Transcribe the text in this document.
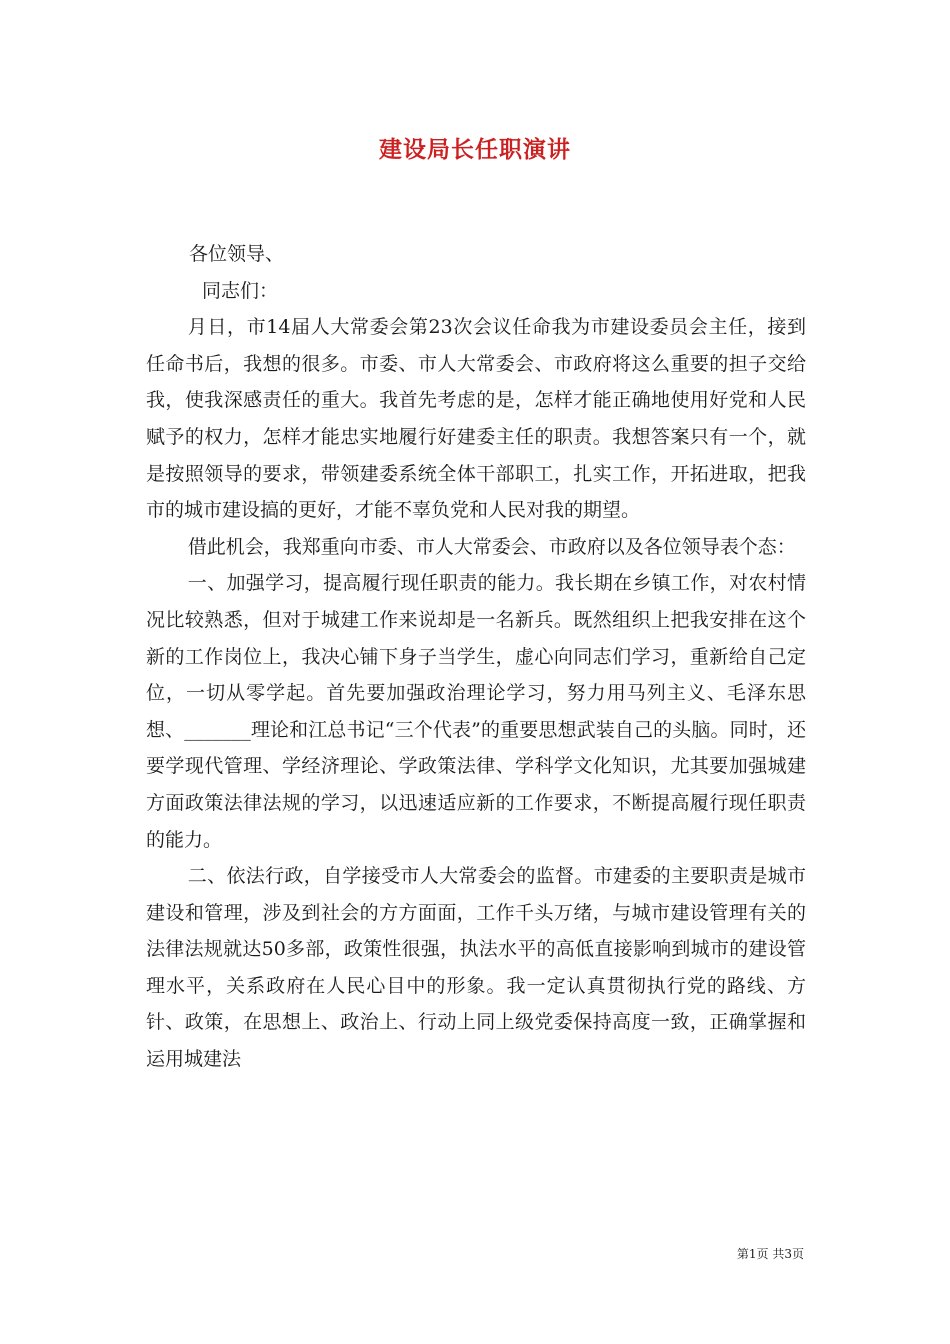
建设局长任职演讲

各位领导、

同志们：

月日，市14届人大常委会第23次会议任命我为市建设委员会主任，接到任命书后，我想的很多。市委、市人大常委会、市政府将这么重要的担子交给我，使我深感责任的重大。我首先考虑的是，怎样才能正确地使用好党和人民赋予的权力，怎样才能忠实地履行好建委主任的职责。我想答案只有一个，就是按照领导的要求，带领建委系统全体干部职工，扎实工作，开拓进取，把我市的城市建设搞的更好，才能不辜负党和人民对我的期望。

借此机会，我郑重向市委、市人大常委会、市政府以及各位领导表个态：

一、加强学习，提高履行现任职责的能力。我长期在乡镇工作，对农村情况比较熟悉，但对于城建工作来说却是一名新兵。既然组织上把我安排在这个新的工作岗位上，我决心铺下身子当学生，虚心向同志们学习，重新给自己定位，一切从零学起。首先要加强政治理论学习，努力用马列主义、毛泽东思想、_______理论和江总书记“三个代表”的重要思想武装自己的头脑。同时，还要学现代管理、学经济理论、学政策法律、学科学文化知识，尤其要加强城建方面政策法律法规的学习，以迅速适应新的工作要求，不断提高履行现任职责的能力。

二、依法行政，自学接受市人大常委会的监督。市建委的主要职责是城市建设和管理，涉及到社会的方方面面，工作千头万绪，与城市建设管理有关的法律法规就达50多部，政策性很强，执法水平的高低直接影响到城市的建设管理水平，关系政府在人民心目中的形象。我一定认真贯彻执行党的路线、方针、政策，在思想上、政治上、行动上同上级党委保持高度一致，正确掌握和运用城建法

第1页 共3页
